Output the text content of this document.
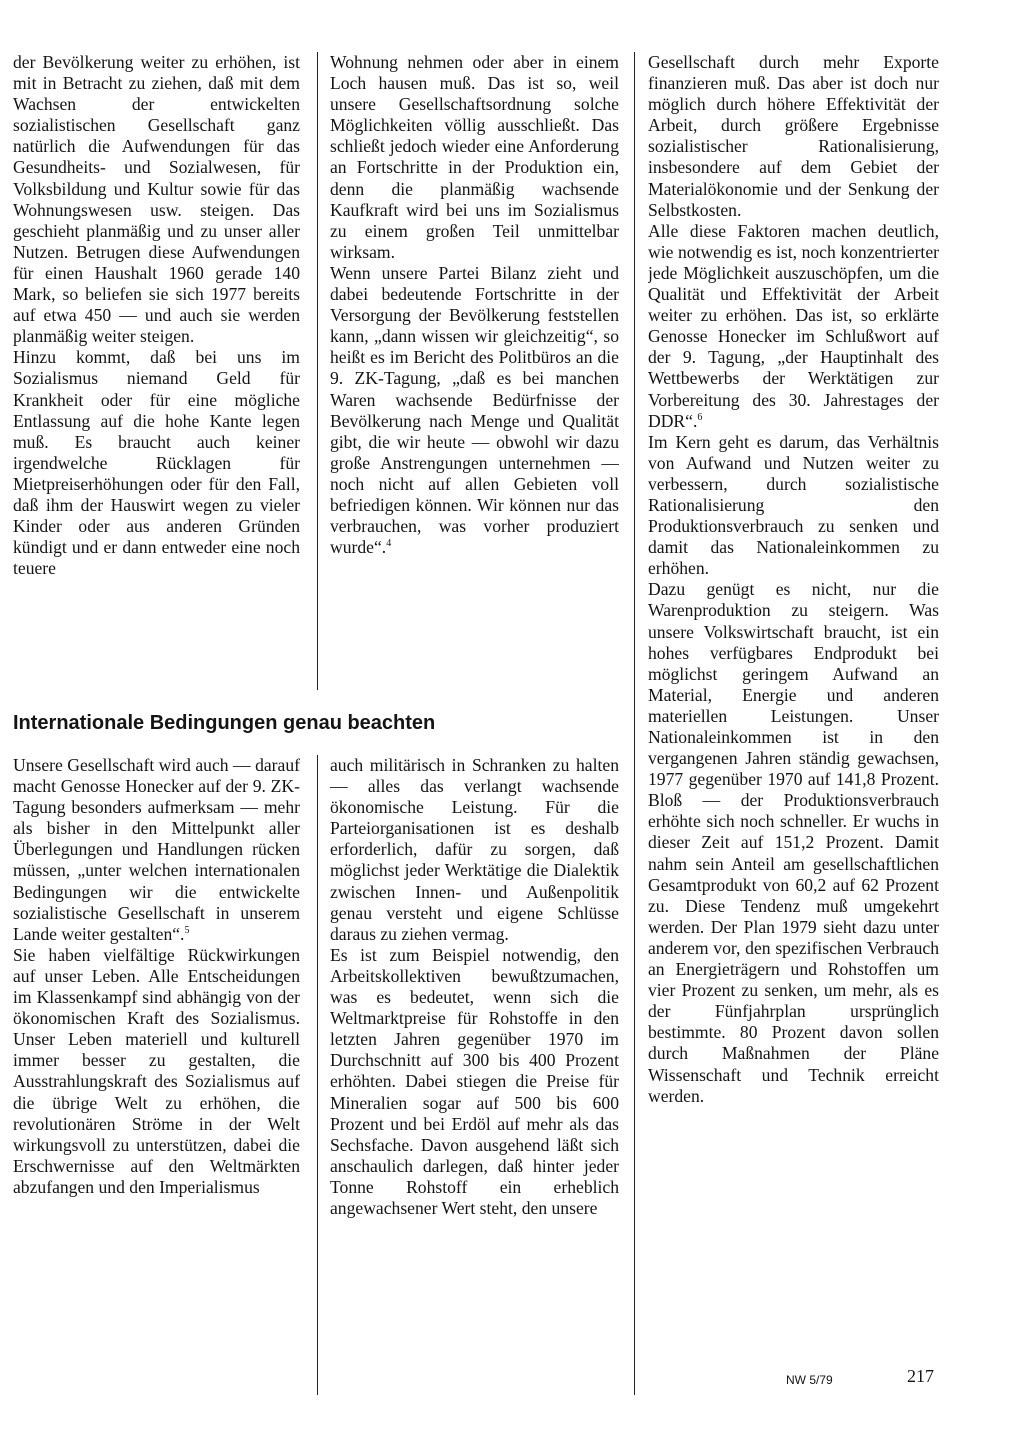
der Bevölkerung weiter zu erhöhen, ist mit in Betracht zu ziehen, daß mit dem Wachsen der entwickelten sozialistischen Gesellschaft ganz natürlich die Aufwendungen für das Gesundheits- und Sozialwesen, für Volksbildung und Kultur sowie für das Wohnungswesen usw. steigen. Das geschieht planmäßig und zu unser aller Nutzen. Betrugen diese Aufwendungen für einen Haushalt 1960 gerade 140 Mark, so beliefen sie sich 1977 bereits auf etwa 450 — und auch sie werden planmäßig weiter steigen.

Hinzu kommt, daß bei uns im Sozialismus niemand Geld für Krankheit oder für eine mögliche Entlassung auf die hohe Kante legen muß. Es braucht auch keiner irgendwelche Rücklagen für Mietpreiserhöhungen oder für den Fall, daß ihm der Hauswirt wegen zu vieler Kinder oder aus anderen Gründen kündigt und er dann entweder eine noch teuere

Wohnung nehmen oder aber in einem Loch hausen muß. Das ist so, weil unsere Gesellschaftsordnung solche Möglichkeiten völlig ausschließt. Das schließt jedoch wieder eine Anforderung an Fortschritte in der Produktion ein, denn die planmäßig wachsende Kaufkraft wird bei uns im Sozialismus zu einem großen Teil unmittelbar wirksam.

Wenn unsere Partei Bilanz zieht und dabei bedeutende Fortschritte in der Versorgung der Bevölkerung feststellen kann, „dann wissen wir gleichzeitig“, so heißt es im Bericht des Politbüros an die 9. ZK-Tagung, „daß es bei manchen Waren wachsende Bedürfnisse der Bevölkerung nach Menge und Qualität gibt, die wir heute — obwohl wir dazu große Anstrengungen unternehmen — noch nicht auf allen Gebieten voll befriedigen können. Wir können nur das verbrauchen, was vorher produziert wurde“.$^4$

Internationale Bedingungen genau beachten

Unsere Gesellschaft wird auch — darauf macht Genosse Honecker auf der 9. ZK-Tagung besonders aufmerksam — mehr als bisher in den Mittelpunkt aller Überlegungen und Handlungen rücken müssen, „unter welchen internationalen Bedingungen wir die entwickelte sozialistische Gesellschaft in unserem Lande weiter gestalten“.$^5$

Sie haben vielfältige Rückwirkungen auf unser Leben. Alle Entscheidungen im Klassenkampf sind abhängig von der ökonomischen Kraft des Sozialismus. Unser Leben materiell und kulturell immer besser zu gestalten, die Ausstrahlungskraft des Sozialismus auf die übrige Welt zu erhöhen, die revolutionären Ströme in der Welt wirkungsvoll zu unterstützen, dabei die Erschwernisse auf den Weltmärkten abzufangen und den Imperialismus

auch militärisch in Schranken zu halten — alles das verlangt wachsende ökonomische Leistung. Für die Parteiorganisationen ist es deshalb erforderlich, dafür zu sorgen, daß möglichst jeder Werktätige die Dialektik zwischen Innen- und Außenpolitik genau versteht und eigene Schlüsse daraus zu ziehen vermag.

Es ist zum Beispiel notwendig, den Arbeitskollektiven bewußtzumachen, was es bedeutet, wenn sich die Weltmarktpreise für Rohstoffe in den letzten Jahren gegenüber 1970 im Durchschnitt auf 300 bis 400 Prozent erhöhten. Dabei stiegen die Preise für Mineralien sogar auf 500 bis 600 Prozent und bei Erdöl auf mehr als das Sechsfache. Davon ausgehend läßt sich anschaulich darlegen, daß hinter jeder Tonne Rohstoff ein erheblich angewachsener Wert steht, den unsere

Gesellschaft durch mehr Exporte finanzieren muß. Das aber ist doch nur möglich durch höhere Effektivität der Arbeit, durch größere Ergebnisse sozialistischer Rationalisierung, insbesondere auf dem Gebiet der Materialökonomie und der Senkung der Selbstkosten.

Alle diese Faktoren machen deutlich, wie notwendig es ist, noch konzentrierter jede Möglichkeit auszuschöpfen, um die Qualität und Effektivität der Arbeit weiter zu erhöhen. Das ist, so erklärte Genosse Honecker im Schlußwort auf der 9. Tagung, „der Hauptinhalt des Wettbewerbs der Werktätigen zur Vorbereitung des 30. Jahrestages der DDR“.$^6$

Im Kern geht es darum, das Verhältnis von Aufwand und Nutzen weiter zu verbessern, durch sozialistische Rationalisierung den Produktionsverbrauch zu senken und damit das Nationaleinkommen zu erhöhen.

Dazu genügt es nicht, nur die Warenproduktion zu steigern. Was unsere Volkswirtschaft braucht, ist ein hohes verfügbares Endprodukt bei möglichst geringem Aufwand an Material, Energie und anderen materiellen Leistungen. Unser Nationaleinkommen ist in den vergangenen Jahren ständig gewachsen, 1977 gegenüber 1970 auf 141,8 Prozent. Bloß — der Produktionsverbrauch erhöhte sich noch schneller. Er wuchs in dieser Zeit auf 151,2 Prozent. Damit nahm sein Anteil am gesellschaftlichen Gesamtprodukt von 60,2 auf 62 Prozent zu. Diese Tendenz muß umgekehrt werden. Der Plan 1979 sieht dazu unter anderem vor, den spezifischen Verbrauch an Energieträgern und Rohstoffen um vier Prozent zu senken, um mehr, als es der Fünfjahrplan ursprünglich bestimmte. 80 Prozent davon sollen durch Maßnahmen der Pläne Wissenschaft und Technik erreicht werden.

NW 5/79	217
